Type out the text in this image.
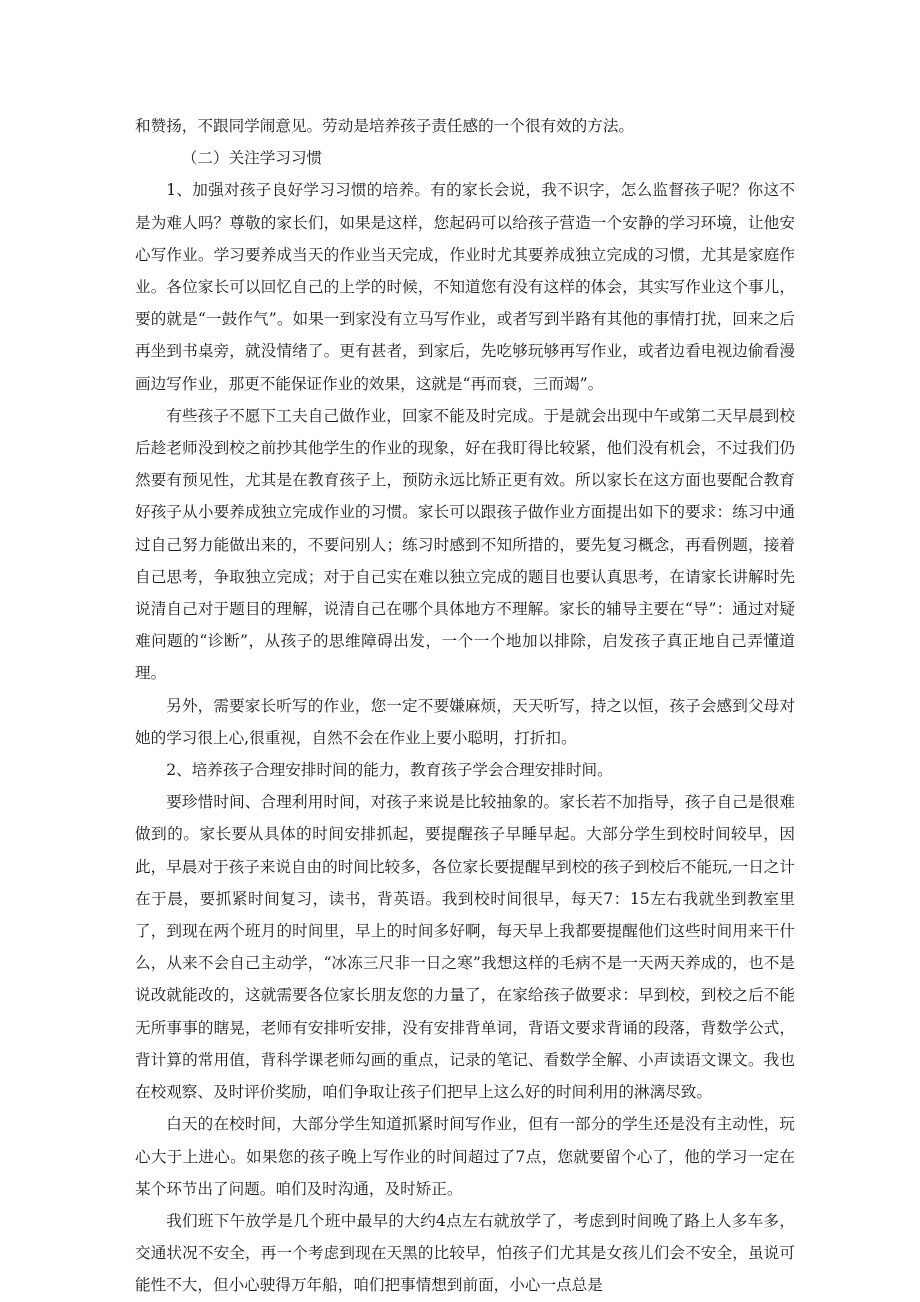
和赞扬，不跟同学闹意见。劳动是培养孩子责任感的一个很有效的方法。

（二）关注学习习惯

1、加强对孩子良好学习习惯的培养。有的家长会说，我不识字，怎么监督孩子呢？你这不是为难人吗？尊敬的家长们，如果是这样，您起码可以给孩子营造一个安静的学习环境，让他安心写作业。学习要养成当天的作业当天完成，作业时尤其要养成独立完成的习惯，尤其是家庭作业。各位家长可以回忆自己的上学的时候，不知道您有没有这样的体会，其实写作业这个事儿，要的就是“一鼓作气”。如果一到家没有立马写作业，或者写到半路有其他的事情打扰，回来之后再坐到书桌旁，就没情绪了。更有甚者，到家后，先吃够玩够再写作业，或者边看电视边偷看漫画边写作业，那更不能保证作业的效果，这就是“再而衰，三而竭”。

有些孩子不愿下工夫自己做作业，回家不能及时完成。于是就会出现中午或第二天早晨到校后趁老师没到校之前抄其他学生的作业的现象，好在我盯得比较紧，他们没有机会，不过我们仍然要有预见性，尤其是在教育孩子上，预防永远比矫正更有效。所以家长在这方面也要配合教育好孩子从小要养成独立完成作业的习惯。家长可以跟孩子做作业方面提出如下的要求：练习中通过自己努力能做出来的，不要问别人；练习时感到不知所措的，要先复习概念，再看例题，接着自己思考，争取独立完成；对于自己实在难以独立完成的题目也要认真思考，在请家长讲解时先说清自己对于题目的理解，说清自己在哪个具体地方不理解。家长的辅导主要在“导”：通过对疑难问题的“诊断”，从孩子的思维障碍出发，一个一个地加以排除，启发孩子真正地自己弄懂道理。

另外，需要家长听写的作业，您一定不要嫌麻烦，天天听写，持之以恒，孩子会感到父母对她的学习很上心,很重视，自然不会在作业上要小聪明，打折扣。

2、培养孩子合理安排时间的能力，教育孩子学会合理安排时间。

要珍惜时间、合理利用时间，对孩子来说是比较抽象的。家长若不加指导，孩子自己是很难做到的。家长要从具体的时间安排抓起，要提醒孩子早睡早起。大部分学生到校时间较早，因此，早晨对于孩子来说自由的时间比较多，各位家长要提醒早到校的孩子到校后不能玩,一日之计在于晨，要抓紧时间复习，读书，背英语。我到校时间很早，每天7：15左右我就坐到教室里了，到现在两个班月的时间里，早上的时间多好啊，每天早上我都要提醒他们这些时间用来干什么，从来不会自己主动学，“冰冻三尺非一日之寒”我想这样的毛病不是一天两天养成的，也不是说改就能改的，这就需要各位家长朋友您的力量了，在家给孩子做要求：早到校，到校之后不能无所事事的瞎晃，老师有安排听安排，没有安排背单词，背语文要求背诵的段落，背数学公式，背计算的常用值，背科学课老师勾画的重点，记录的笔记、看数学全解、小声读语文课文。我也在校观察、及时评价奖励，咱们争取让孩子们把早上这么好的时间利用的淋漓尽致。

白天的在校时间，大部分学生知道抓紧时间写作业，但有一部分的学生还是没有主动性，玩心大于上进心。如果您的孩子晚上写作业的时间超过了7点，您就要留个心了，他的学习一定在某个环节出了问题。咱们及时沟通，及时矫正。

我们班下午放学是几个班中最早的大约4点左右就放学了，考虑到时间晚了路上人多车多，交通状况不安全，再一个考虑到现在天黑的比较早，怕孩子们尤其是女孩儿们会不安全，虽说可能性不大，但小心驶得万年船，咱们把事情想到前面，小心一点总是
